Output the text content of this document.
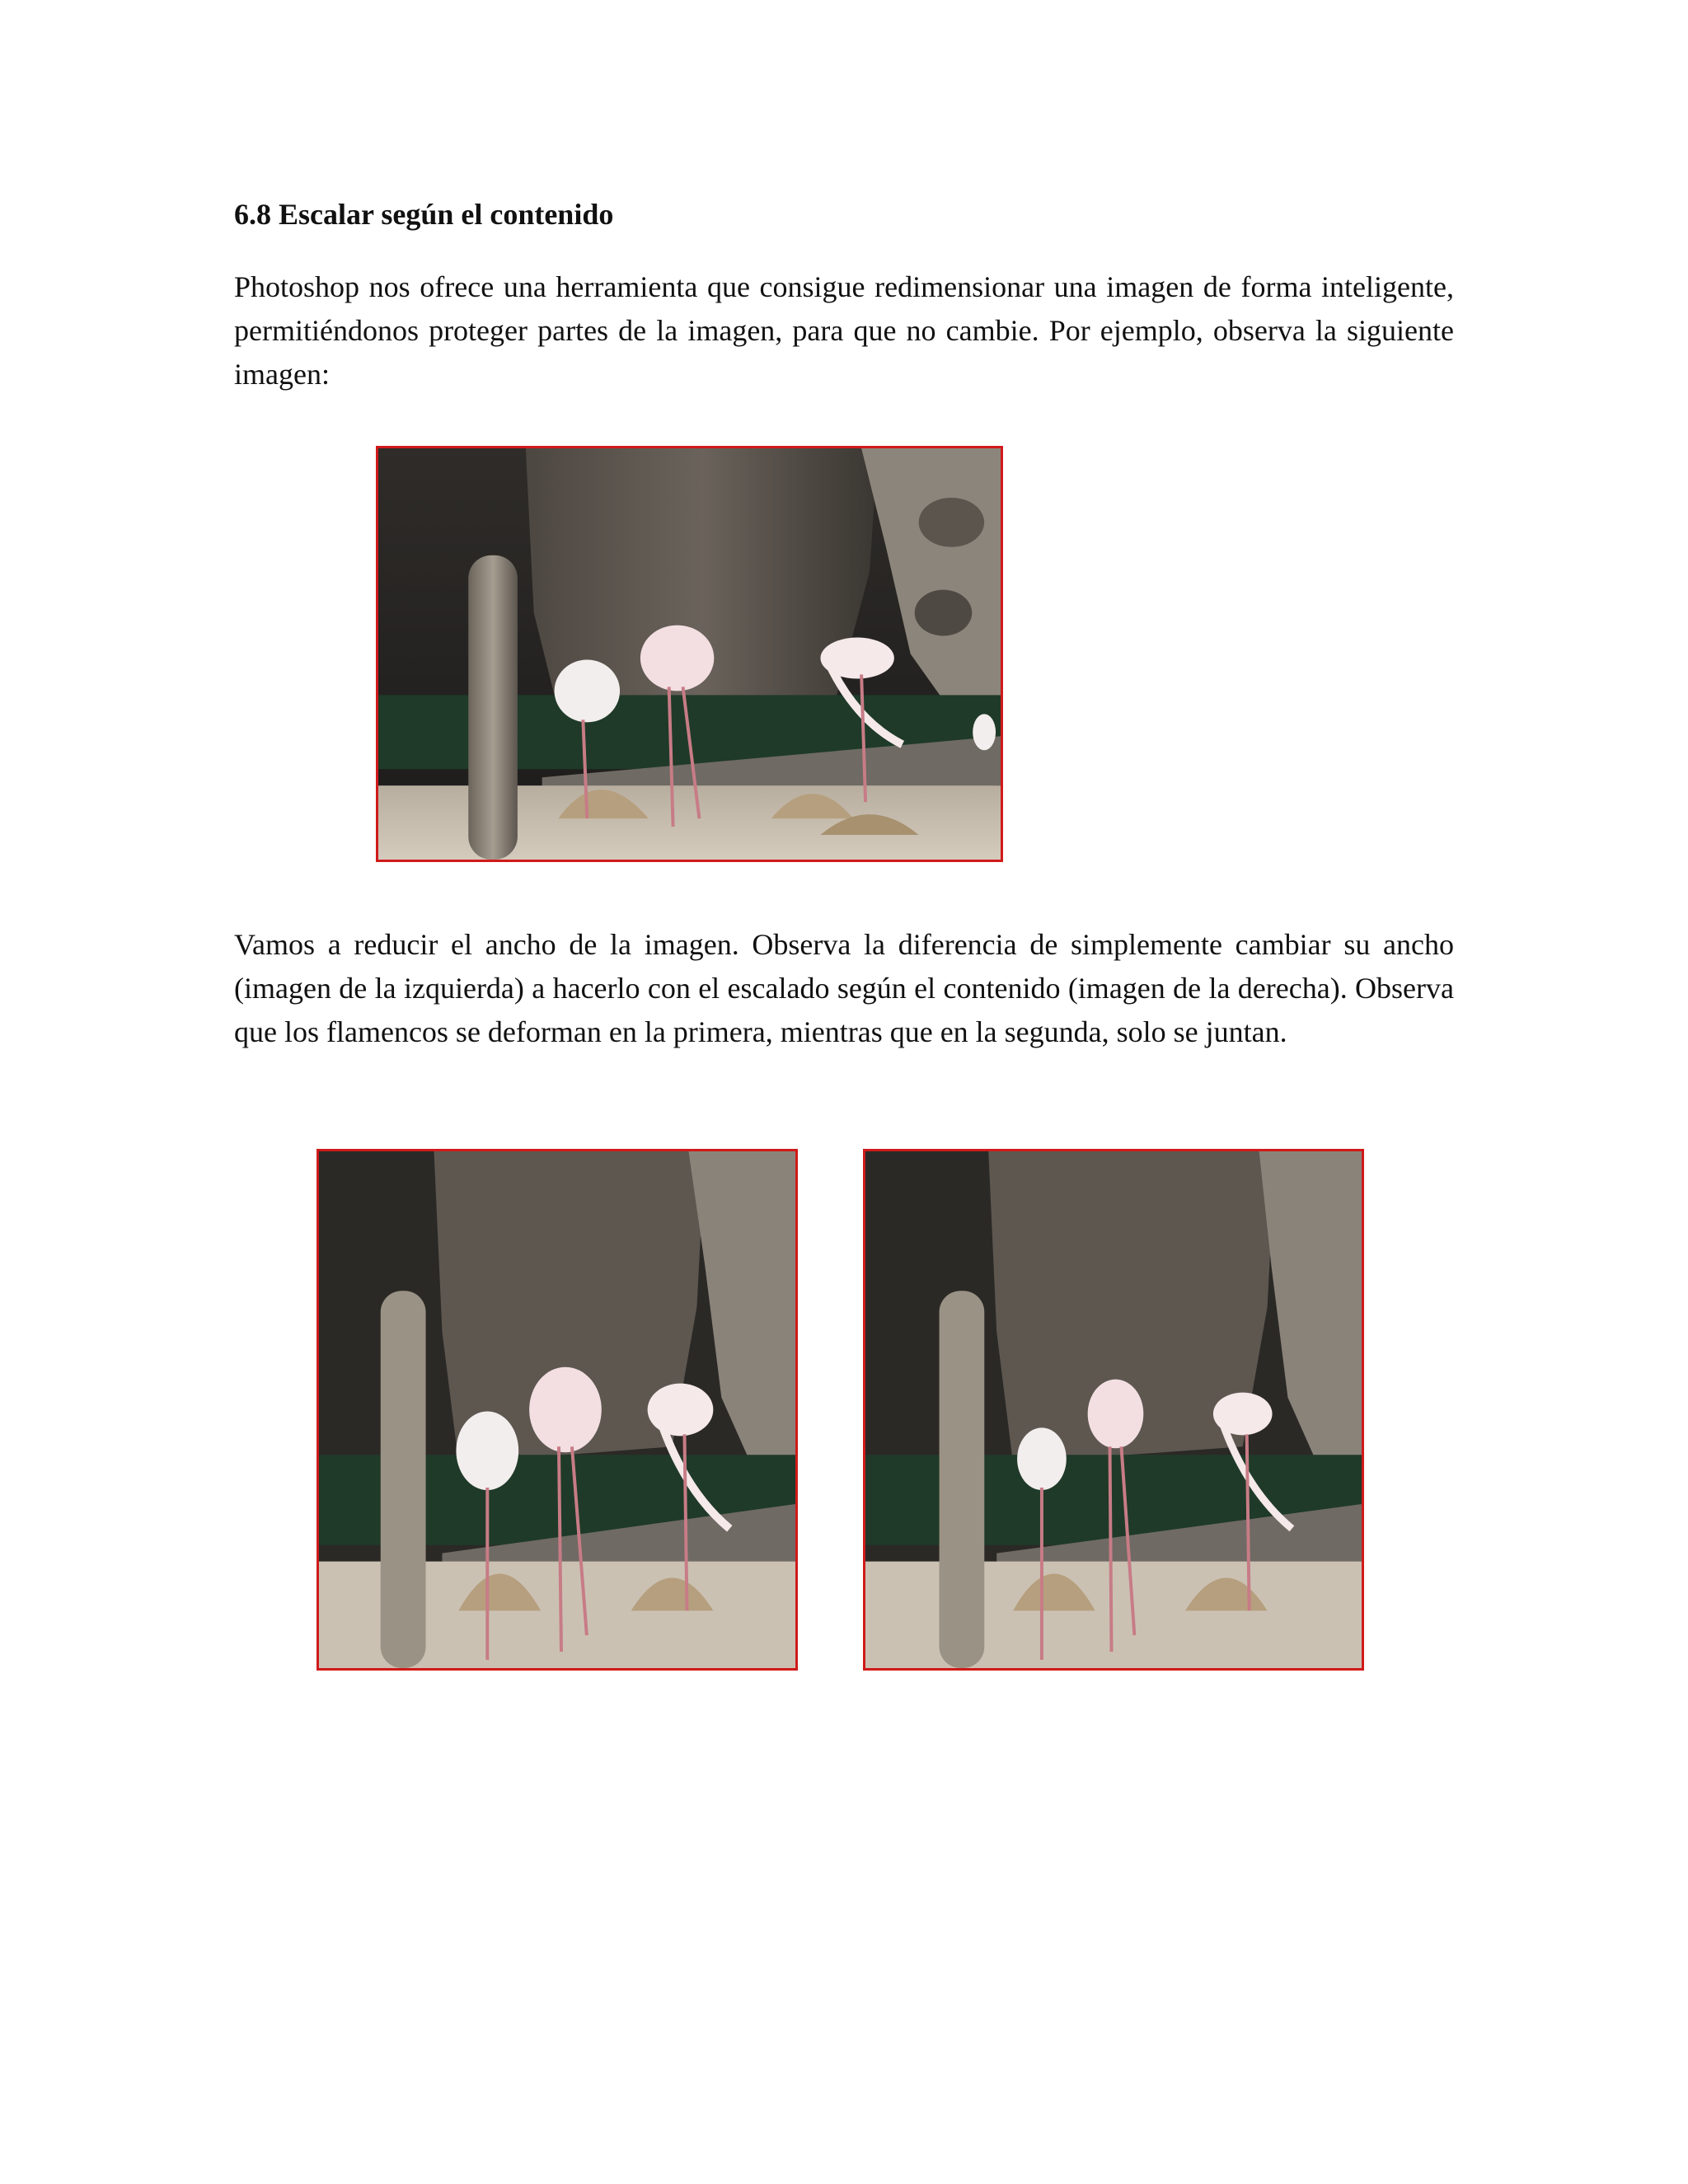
6.8 Escalar según el contenido

Photoshop nos ofrece una herramienta que consigue redimensionar una imagen de forma inteligente, permitiéndonos proteger partes de la imagen, para que no cambie. Por ejemplo, observa la siguiente imagen:

Vamos a reducir el ancho de la imagen. Observa la diferencia de simplemente cambiar su ancho (imagen de la izquierda) a hacerlo con el escalado según el contenido (imagen de la derecha). Observa que los flamencos se deforman en la primera, mientras que en la segunda, solo se juntan.
